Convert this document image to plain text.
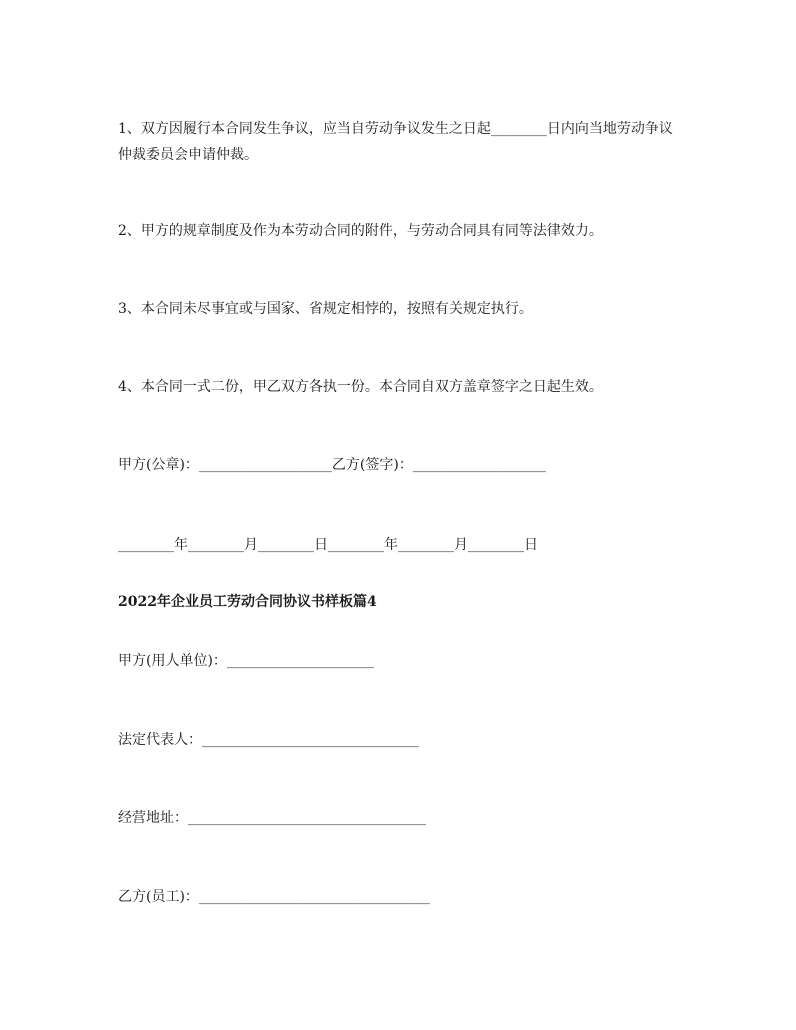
1、双方因履行本合同发生争议，应当自劳动争议发生之日起________日内向当地劳动争议仲裁委员会申请仲裁。

2、甲方的规章制度及作为本劳动合同的附件，与劳动合同具有同等法律效力。

3、本合同未尽事宜或与国家、省规定相悖的，按照有关规定执行。

4、本合同一式二份，甲乙双方各执一份。本合同自双方盖章签字之日起生效。

甲方(公章)：___________________乙方(签字)：___________________

________年________月________日________年________月________日

2022年企业员工劳动合同协议书样板篇4

甲方(用人单位)：_____________________

法定代表人：_______________________________

经营地址：__________________________________

乙方(员工)：_________________________________
